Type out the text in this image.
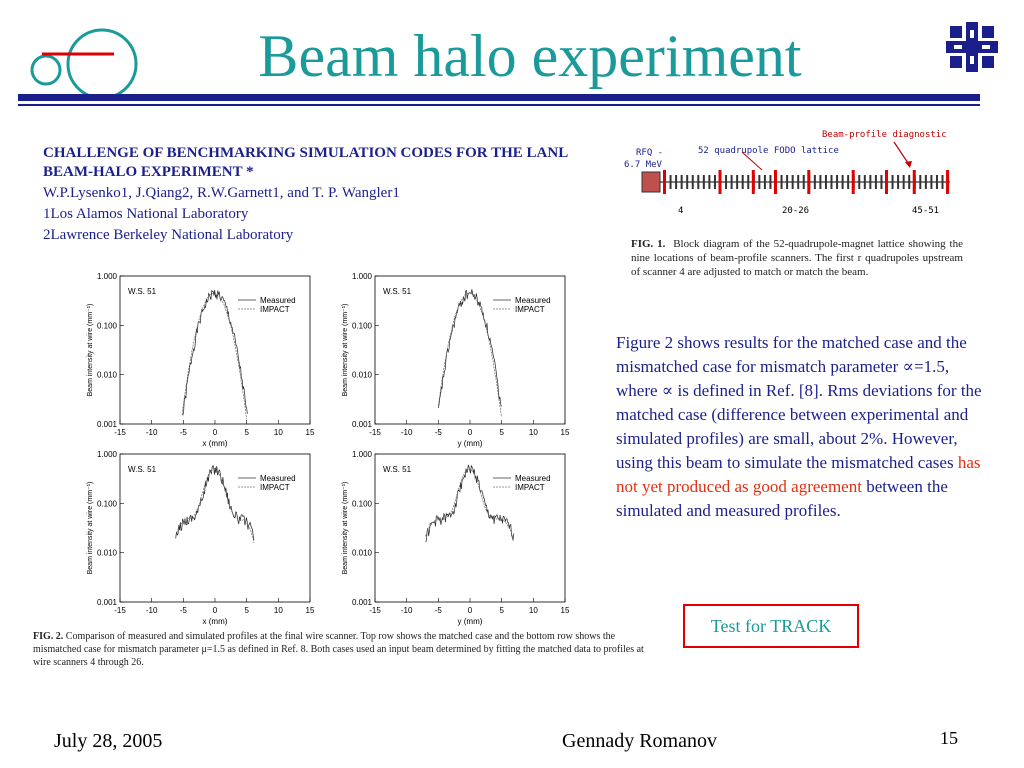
Beam halo experiment
CHALLENGE OF BENCHMARKING SIMULATION CODES FOR THE LANL BEAM-HALO EXPERIMENT *
W.P.Lysenko1, J.Qiang2, R.W.Garnett1, and T. P. Wangler1
1Los Alamos National Laboratory
2Lawrence Berkeley National Laboratory
RFQ -
6.7 MeV
52 quadrupole FODO lattice
Beam-profile diagnostic
4	20-26	45-51
FIG. 1. Block diagram of the 52-quadrupole-magnet lattice showing the nine locations of beam-profile scanners. The first r quadrupoles upstream of scanner 4 are adjusted to match or match the beam.
-15	-10	-5	0	5	10	15
1.000
0.100
0.010
0.001
x (mm)
Beam intensity at wire (mm⁻¹)
W.S. 51
Measured
IMPACT
-15	-10	-5	0	5	10	15
1.000
0.100
0.010
0.001
y (mm)
Beam intensity at wire (mm⁻¹)
W.S. 51
Measured
IMPACT
-15	-10	-5	0	5	10	15
1.000
0.100
0.010
0.001
x (mm)
Beam intensity at wire (mm⁻¹)
W.S. 51
Measured
IMPACT
-15	-10	-5	0	5	10	15
1.000
0.100
0.010
0.001
y (mm)
Beam intensity at wire (mm⁻¹)
W.S. 51
Measured
IMPACT
FIG. 2. Comparison of measured and simulated profiles at the final wire scanner. Top row shows the matched case and the bottom row shows the mismatched case for mismatch parameter μ=1.5 as defined in Ref. 8. Both cases used an input beam determined by fitting the matched data to profiles at wire scanners 4 through 26.
Figure 2 shows results for the matched case and the mismatched case for mismatch parameter ∝=1.5, where ∝ is defined in Ref. [8]. Rms deviations for the matched case (difference between experimental and simulated profiles) are small, about 2%. However, using this beam to simulate the mismatched cases has not yet produced as good agreement between the simulated and measured profiles.
Test for TRACK
July 28, 2005	Gennady Romanov	15
